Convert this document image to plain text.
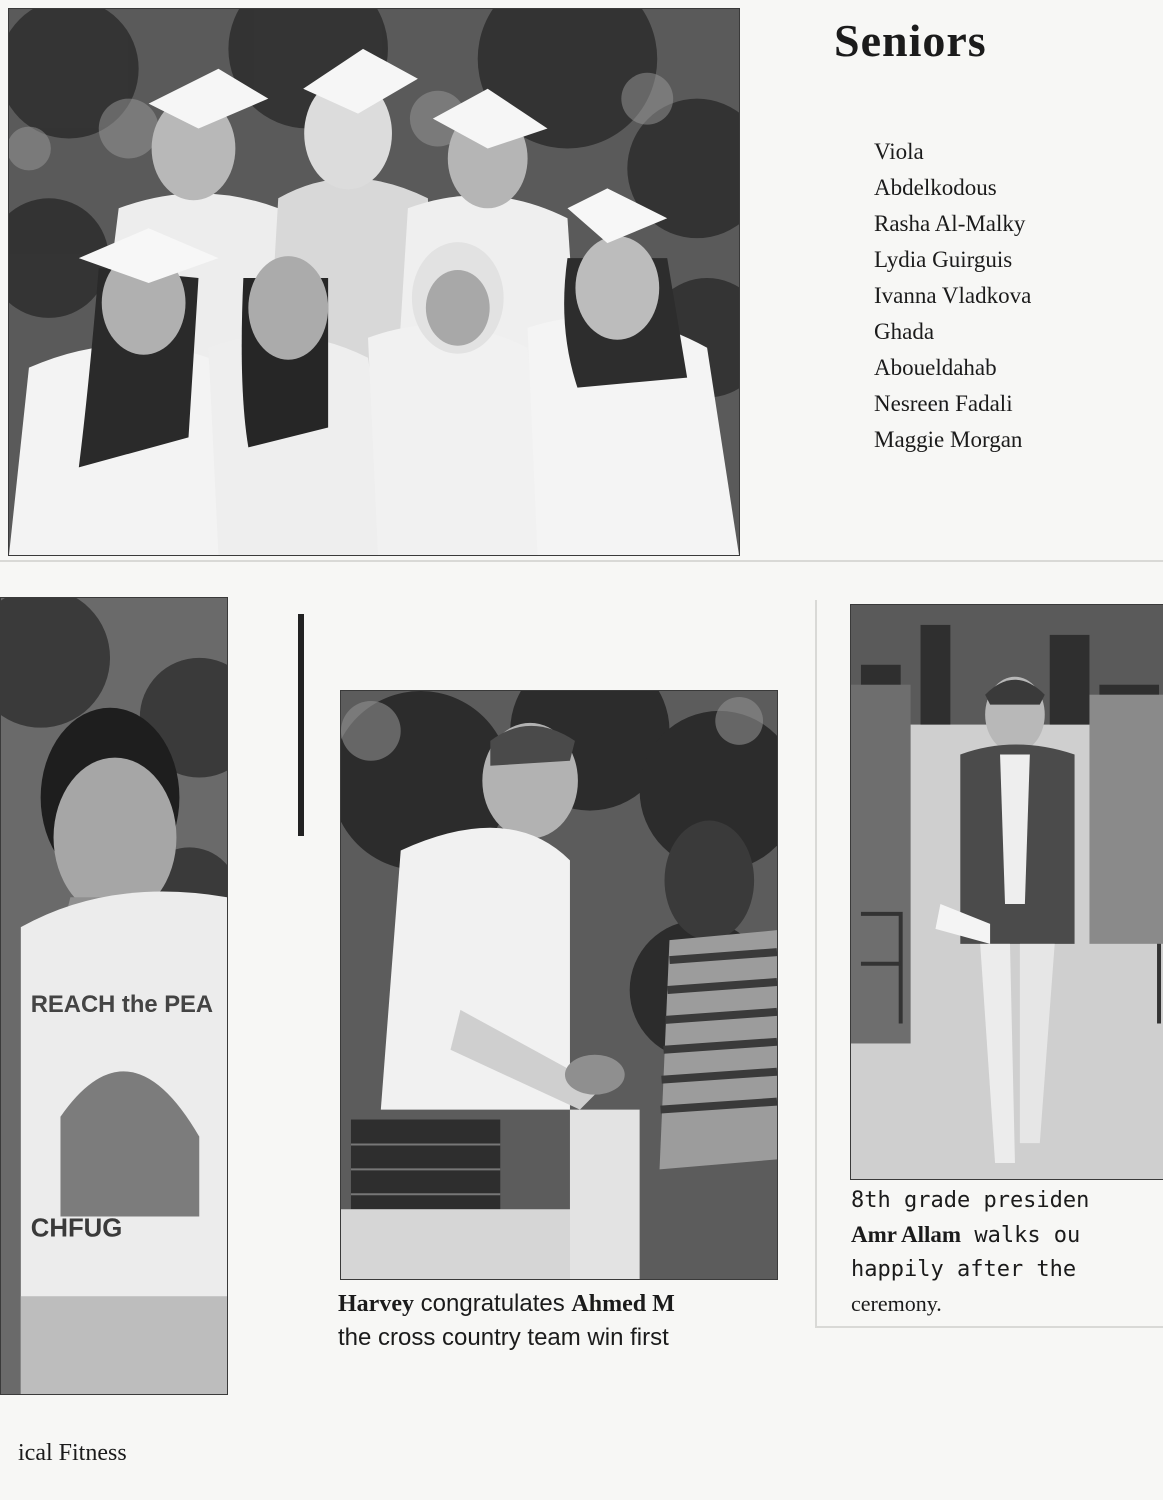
Seniors
Viola
Abdelkodous
Rasha Al-Malky
Lydia Guirguis
Ivanna Vladkova
Ghada
Aboueldahab
Nesreen Fadali
Maggie Morgan
REACH the PEA
CHFUG
ical Fitness
Harvey congratulates Ahmed M
the cross country team win first
8th grade presiden
Amr Allam walks ou
happily after the
ceremony.
